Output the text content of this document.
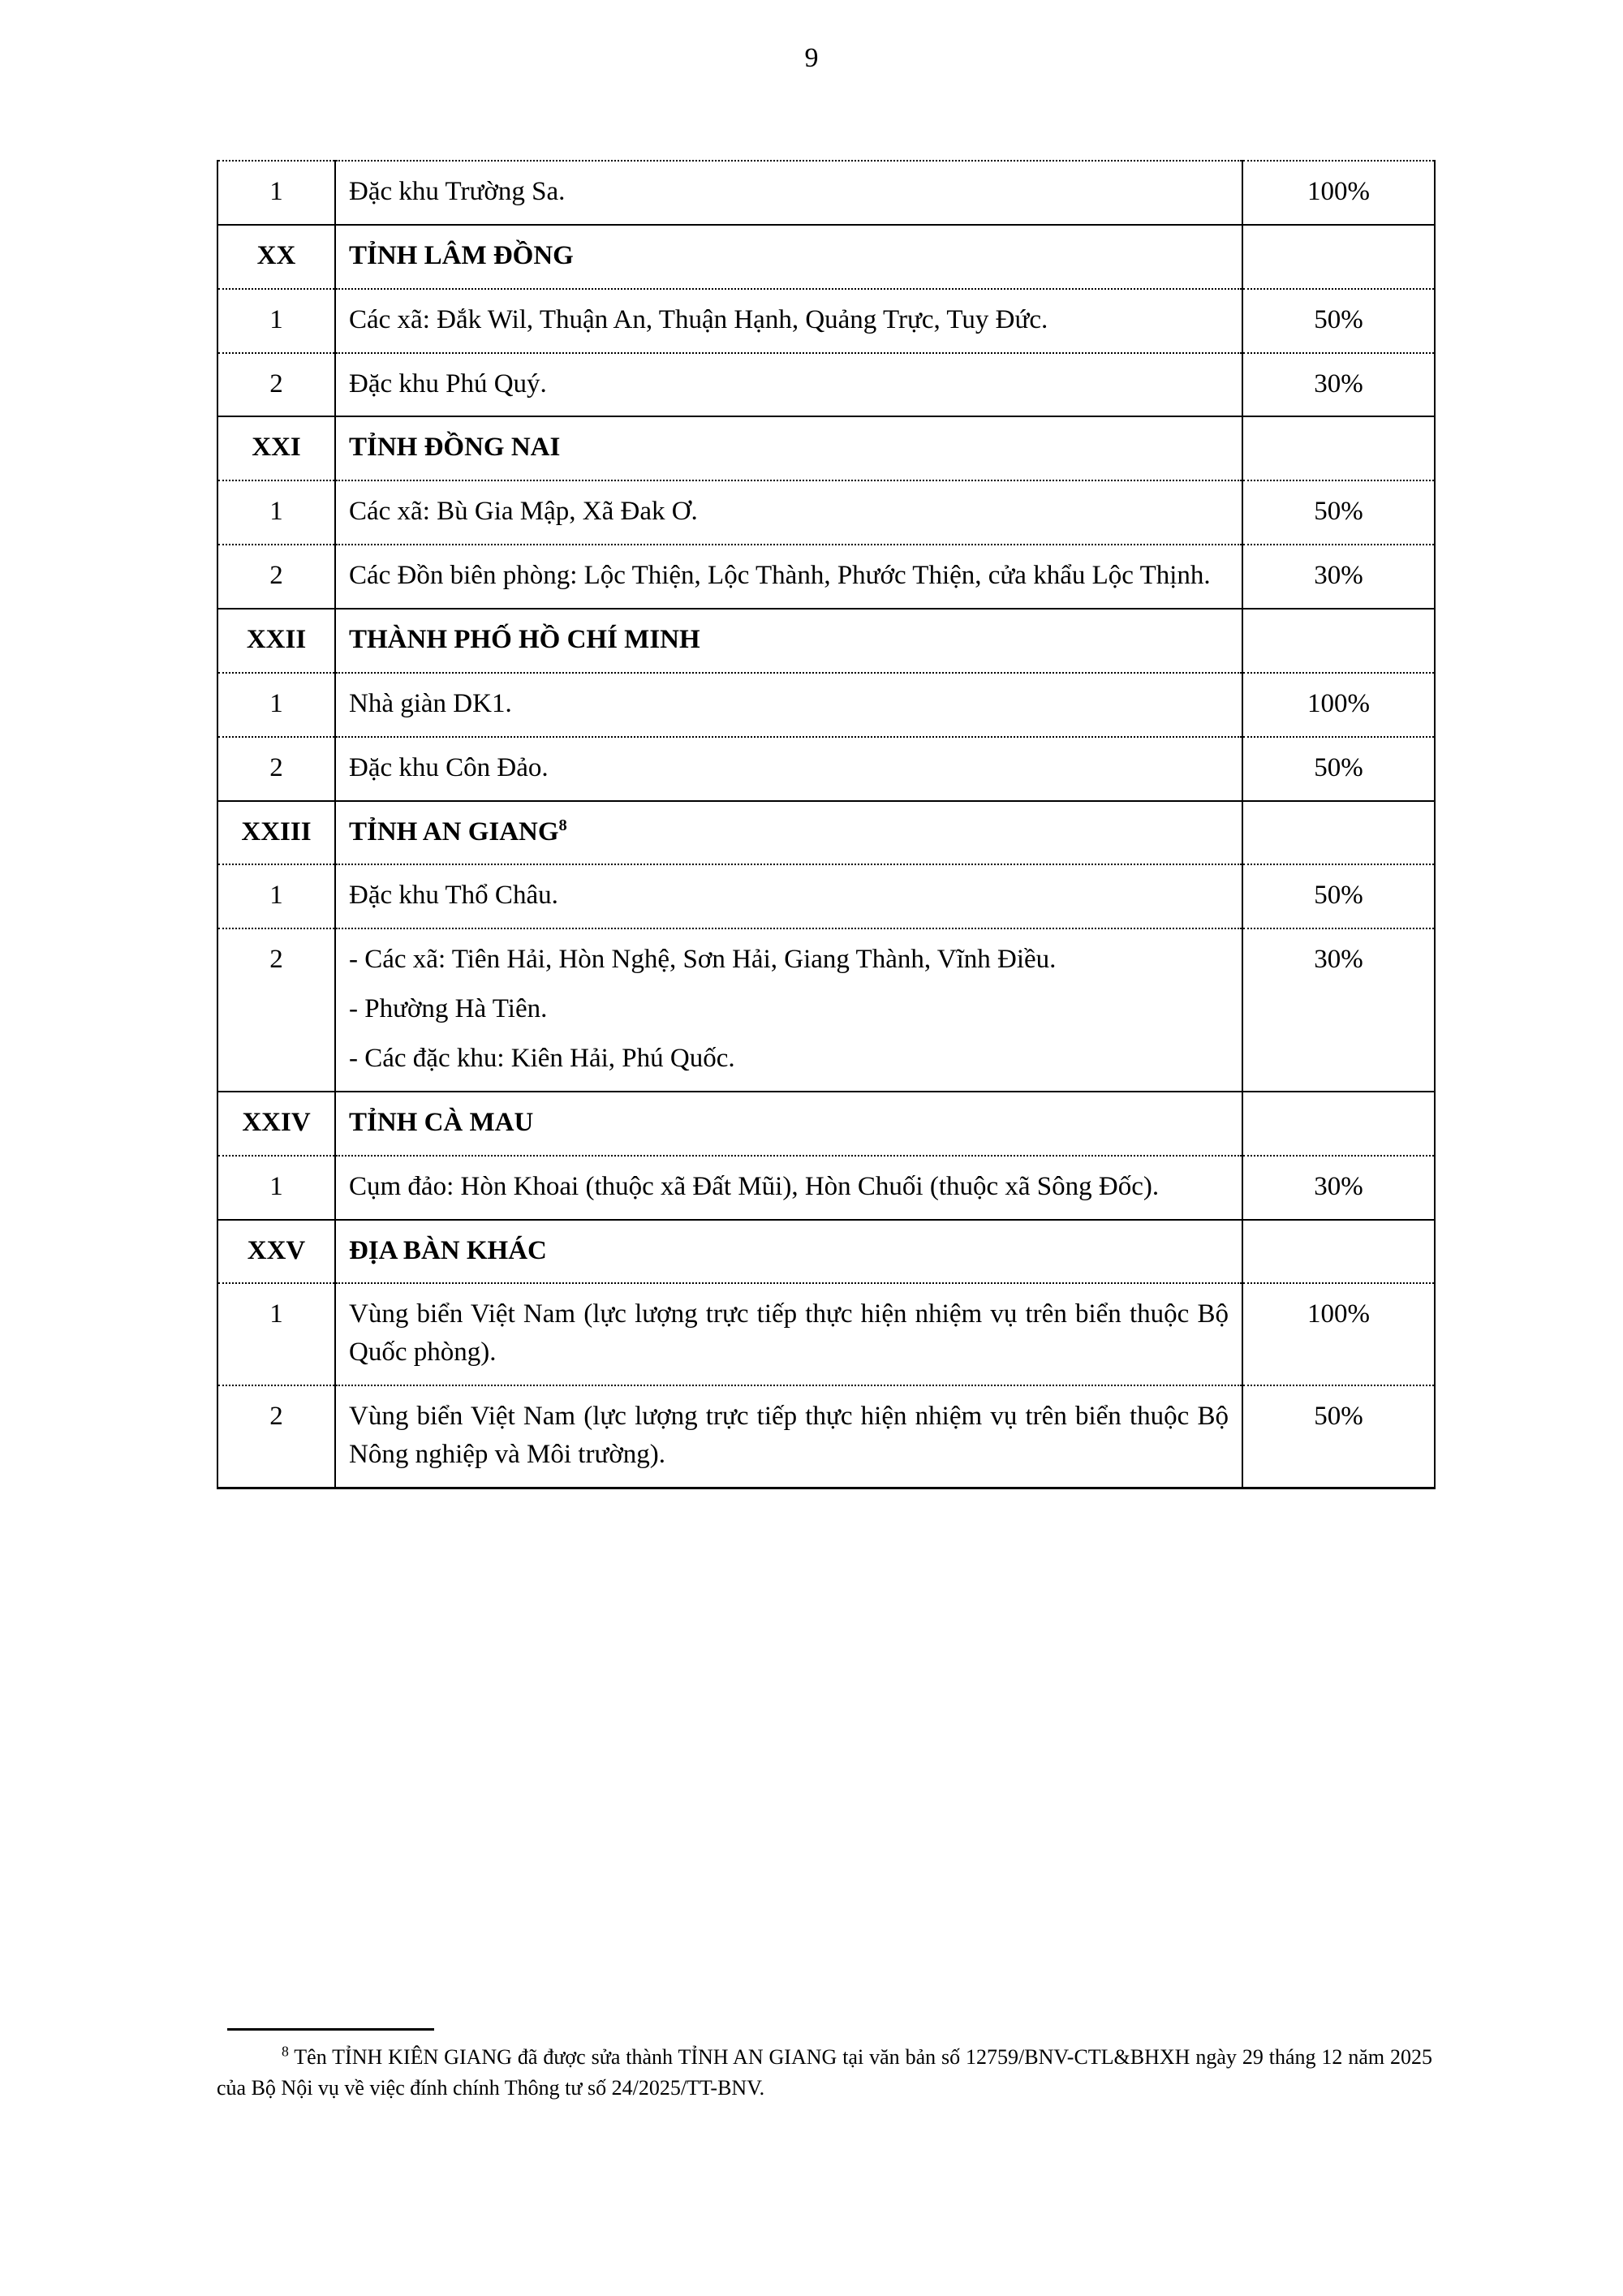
9
1	Đặc khu Trường Sa.	100%
XX	TỈNH LÂM ĐỒNG	

1	Các xã: Đắk Wil, Thuận An, Thuận Hạnh, Quảng Trực, Tuy Đức.	50%
2	Đặc khu Phú Quý.	30%
XXI	TỈNH ĐỒNG NAI	

1	Các xã: Bù Gia Mập, Xã Đak Ơ.	50%
2	Các Đồn biên phòng: Lộc Thiện, Lộc Thành, Phước Thiện, cửa khẩu Lộc Thịnh.	30%
XXII	THÀNH PHỐ HỒ CHÍ MINH	

1	Nhà giàn DK1.	100%
2	Đặc khu Côn Đảo.	50%
XXIII	TỈNH AN GIANG$^8$

1	Đặc khu Thổ Châu.	50%
2	- Các xã: Tiên Hải, Hòn Nghệ, Sơn Hải, Giang Thành, Vĩnh Điều.

- Phường Hà Tiên.

- Các đặc khu: Kiên Hải, Phú Quốc.	30%
XXIV	TỈNH CÀ MAU	

1	Cụm đảo: Hòn Khoai (thuộc xã Đất Mũi), Hòn Chuối (thuộc xã Sông Đốc).	30%
XXV	ĐỊA BÀN KHÁC	

1	Vùng biển Việt Nam (lực lượng trực tiếp thực hiện nhiệm vụ trên biển thuộc Bộ Quốc phòng).	100%
2	Vùng biển Việt Nam (lực lượng trực tiếp thực hiện nhiệm vụ trên biển thuộc Bộ Nông nghiệp và Môi trường).	50%
$^8$ Tên TỈNH KIÊN GIANG đã được sửa thành TỈNH AN GIANG tại văn bản số 12759/BNV-CTL&BHXH ngày 29 tháng 12 năm 2025 của Bộ Nội vụ về việc đính chính Thông tư số 24/2025/TT-BNV.
